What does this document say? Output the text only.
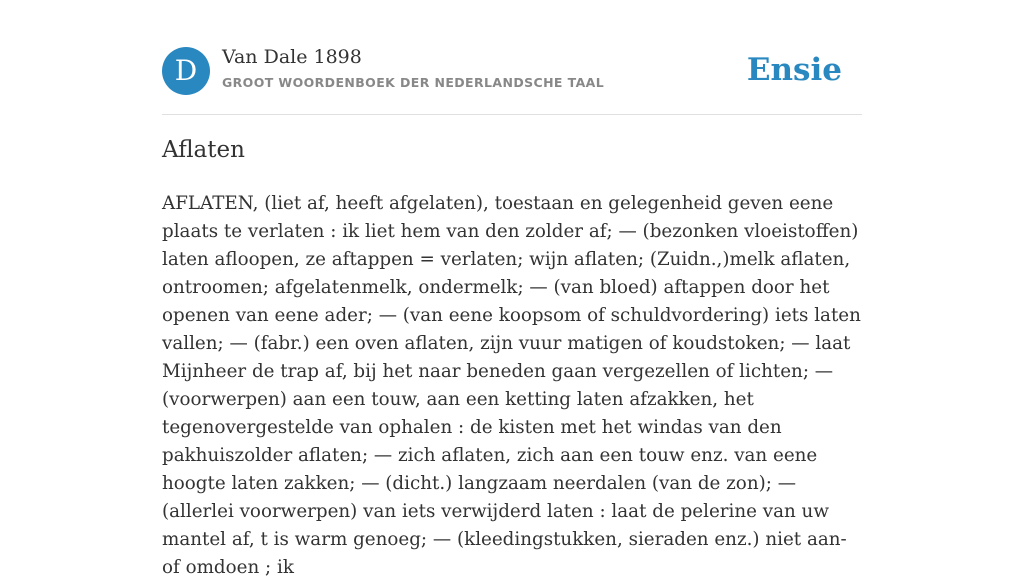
D	Van Dale 1898
GROOT WOORDENBOEK DER NEDERLANDSCHE TAAL	Ensie
Aflaten

AFLATEN, (liet af, heeft afgelaten), toestaan en gelegenheid geven eene plaats te verlaten : ik liet hem van den zolder af; — (bezonken vloeistoffen) laten afloopen, ze aftappen = verlaten; wijn aflaten; (Zuidn.,)melk aflaten, ontroomen; afgelatenmelk, ondermelk; — (van bloed) aftappen door het openen van eene ader; — (van eene koopsom of schuldvordering) iets laten vallen; — (fabr.) een oven aflaten, zijn vuur matigen of koudstoken; — laat Mijnheer de trap af, bij het naar beneden gaan vergezellen of lichten; — (voorwerpen) aan een touw, aan een ketting laten afzakken, het tegenovergestelde van ophalen : de kisten met het windas van den pakhuiszolder aflaten; — zich aflaten, zich aan een touw enz. van eene hoogte laten zakken; — (dicht.) langzaam neerdalen (van de zon); — (allerlei voorwerpen) van iets verwijderd laten : laat de pelerine van uw mantel af, t is warm genoeg; — (kleedingstukken, sieraden enz.) niet aan- of omdoen ; ik
